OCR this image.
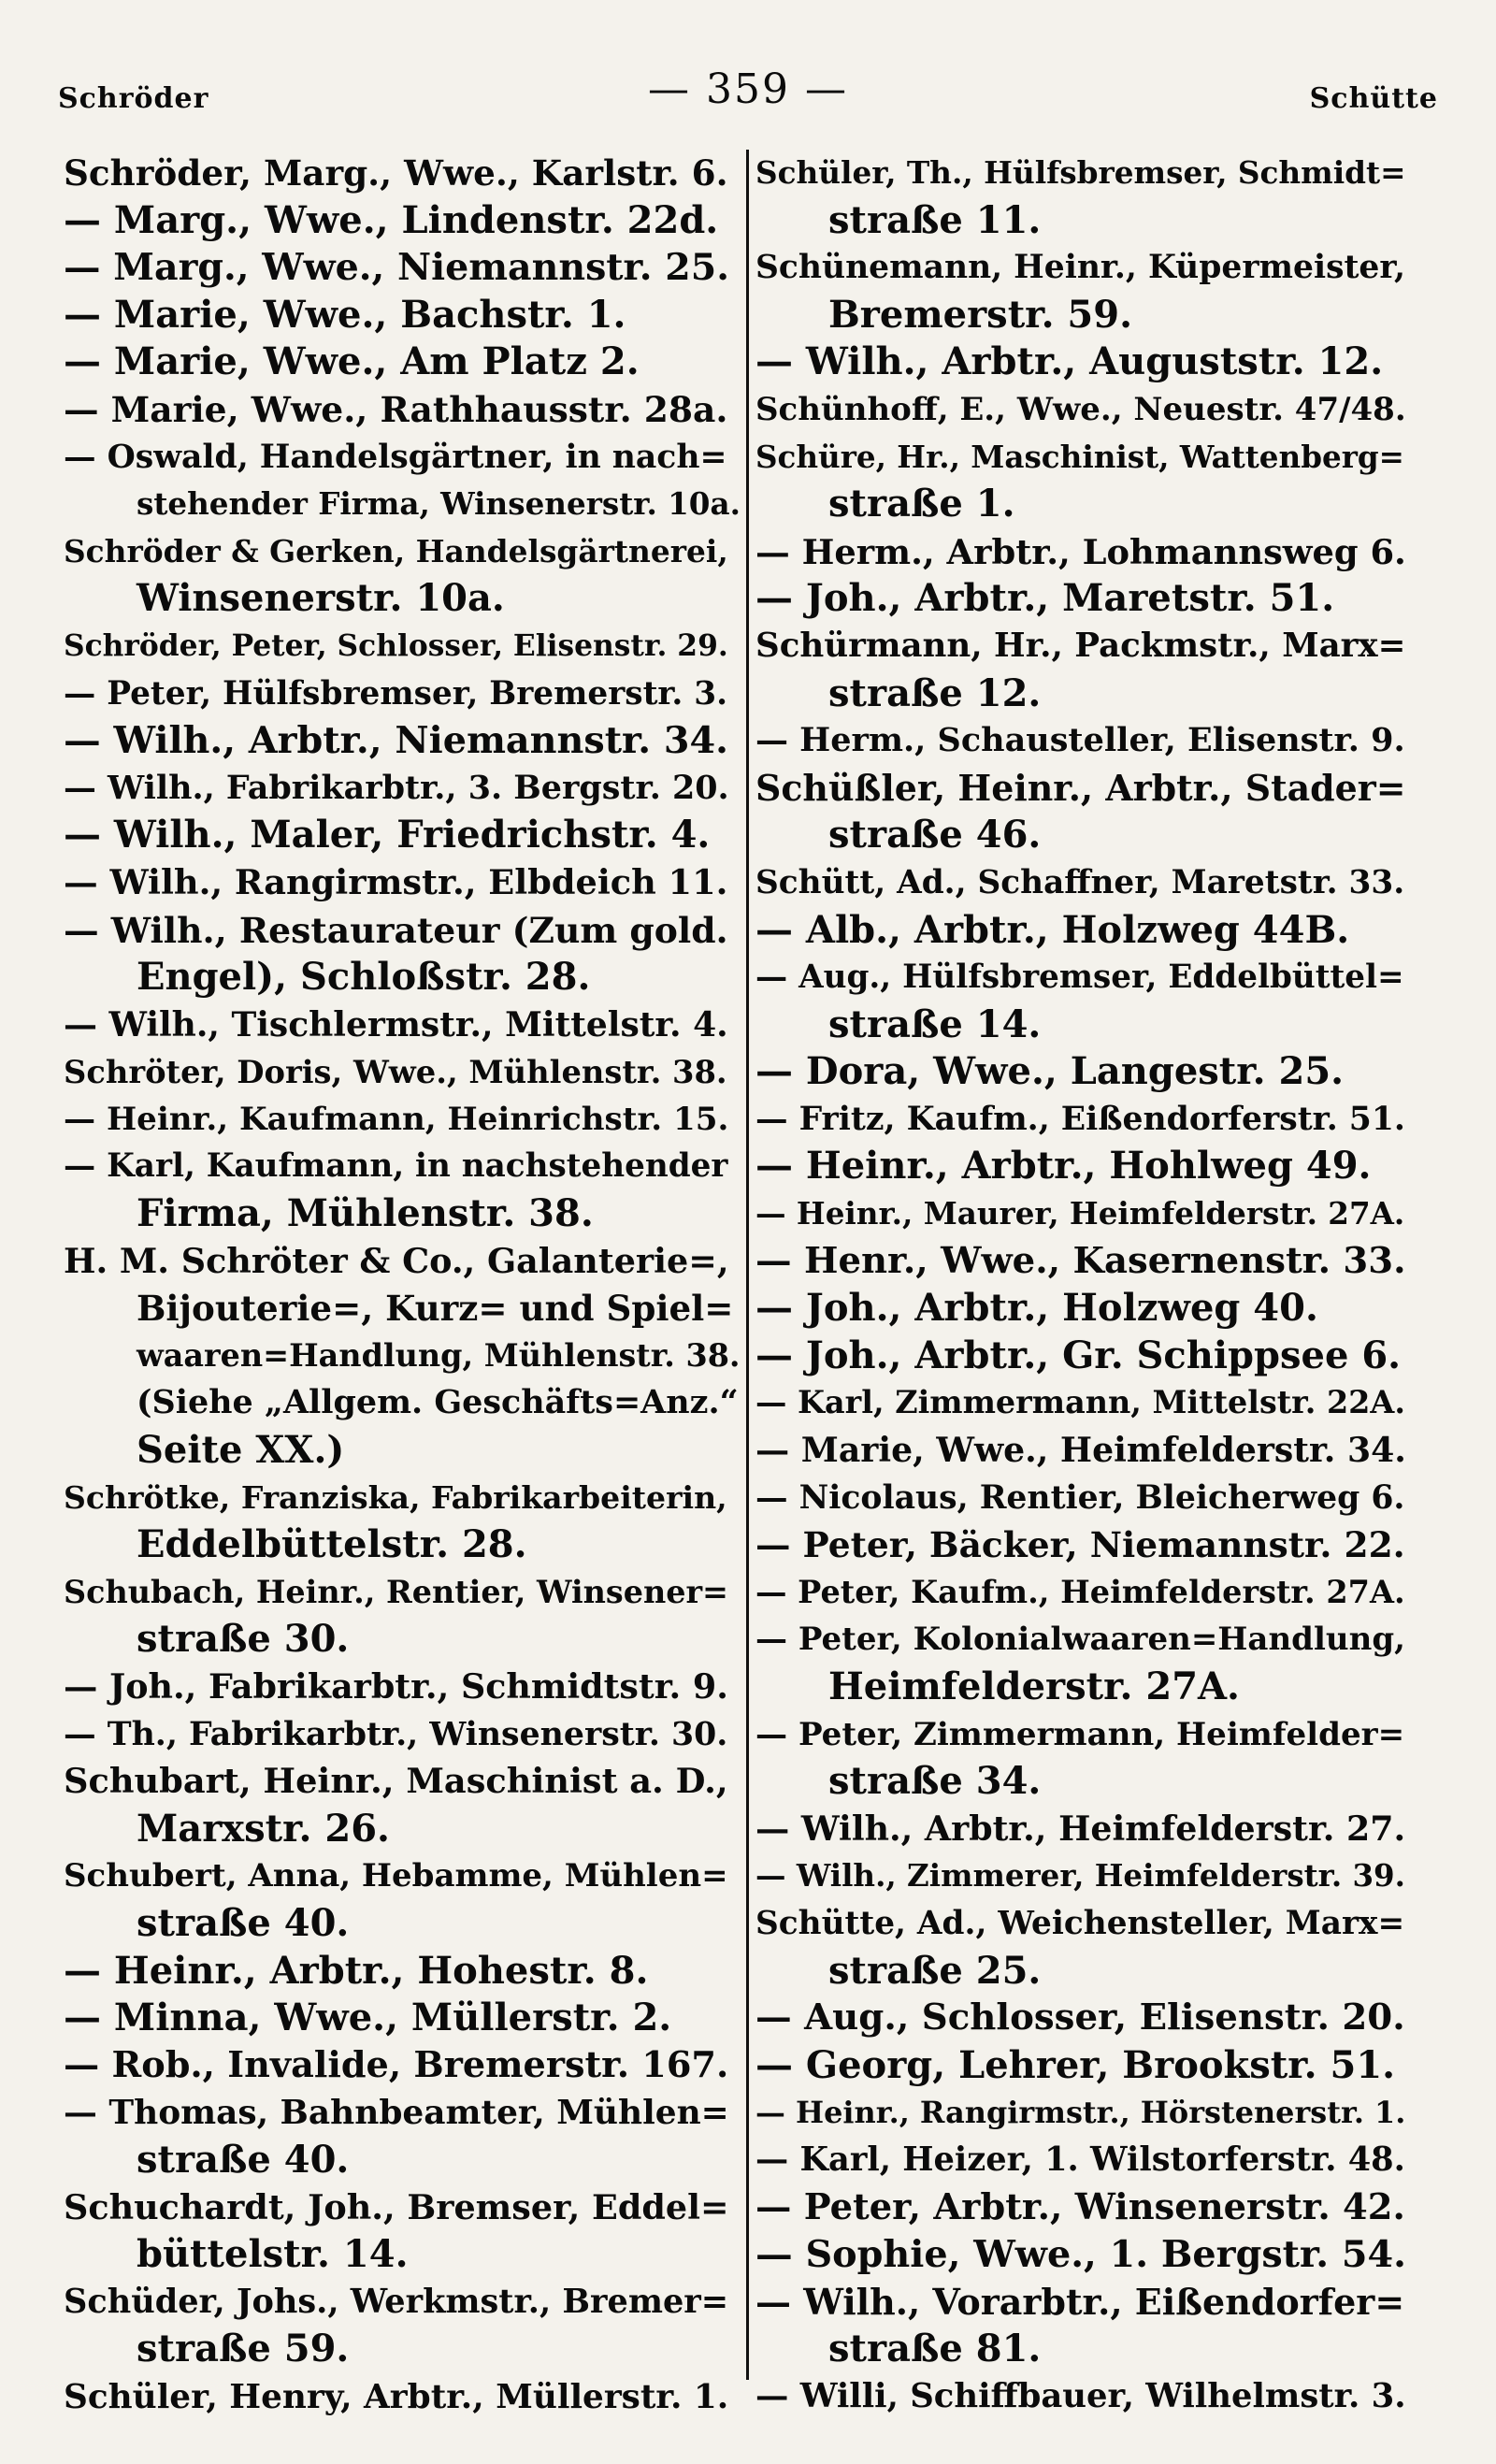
Schröder	— 359 —	Schütte
Schröder, Marg., Wwe., Karlstr. 6.
— Marg., Wwe., Lindenstr. 22d.
— Marg., Wwe., Niemannstr. 25.
— Marie, Wwe., Bachstr. 1.
— Marie, Wwe., Am Platz 2.
— Marie, Wwe., Rathhausstr. 28a.
— Oswald, Handelsgärtner, in nach=
stehender Firma, Winsenerstr. 10a.
Schröder & Gerken, Handelsgärtnerei,
Winsenerstr. 10a.
Schröder, Peter, Schlosser, Elisenstr. 29.
— Peter, Hülfsbremser, Bremerstr. 3.
— Wilh., Arbtr., Niemannstr. 34.
— Wilh., Fabrikarbtr., 3. Bergstr. 20.
— Wilh., Maler, Friedrichstr. 4.
— Wilh., Rangirmstr., Elbdeich 11.
— Wilh., Restaurateur (Zum gold.
Engel), Schloßstr. 28.
— Wilh., Tischlermstr., Mittelstr. 4.
Schröter, Doris, Wwe., Mühlenstr. 38.
— Heinr., Kaufmann, Heinrichstr. 15.
— Karl, Kaufmann, in nachstehender
Firma, Mühlenstr. 38.
H. M. Schröter & Co., Galanterie=,
Bijouterie=, Kurz= und Spiel=
waaren=Handlung, Mühlenstr. 38.
(Siehe „Allgem. Geschäfts=Anz.“
Seite XX.)
Schrötke, Franziska, Fabrikarbeiterin,
Eddelbüttelstr. 28.
Schubach, Heinr., Rentier, Winsener=
straße 30.
— Joh., Fabrikarbtr., Schmidtstr. 9.
— Th., Fabrikarbtr., Winsenerstr. 30.
Schubart, Heinr., Maschinist a. D.,
Marxstr. 26.
Schubert, Anna, Hebamme, Mühlen=
straße 40.
— Heinr., Arbtr., Hohestr. 8.
— Minna, Wwe., Müllerstr. 2.
— Rob., Invalide, Bremerstr. 167.
— Thomas, Bahnbeamter, Mühlen=
straße 40.
Schuchardt, Joh., Bremser, Eddel=
büttelstr. 14.
Schüder, Johs., Werkmstr., Bremer=
straße 59.
Schüler, Henry, Arbtr., Müllerstr. 1.
Schüler, Th., Hülfsbremser, Schmidt=
straße 11.
Schünemann, Heinr., Küpermeister,
Bremerstr. 59.
— Wilh., Arbtr., Auguststr. 12.
Schünhoff, E., Wwe., Neuestr. 47/48.
Schüre, Hr., Maschinist, Wattenberg=
straße 1.
— Herm., Arbtr., Lohmannsweg 6.
— Joh., Arbtr., Maretstr. 51.
Schürmann, Hr., Packmstr., Marx=
straße 12.
— Herm., Schausteller, Elisenstr. 9.
Schüßler, Heinr., Arbtr., Stader=
straße 46.
Schütt, Ad., Schaffner, Maretstr. 33.
— Alb., Arbtr., Holzweg 44B.
— Aug., Hülfsbremser, Eddelbüttel=
straße 14.
— Dora, Wwe., Langestr. 25.
— Fritz, Kaufm., Eißendorferstr. 51.
— Heinr., Arbtr., Hohlweg 49.
— Heinr., Maurer, Heimfelderstr. 27A.
— Henr., Wwe., Kasernenstr. 33.
— Joh., Arbtr., Holzweg 40.
— Joh., Arbtr., Gr. Schippsee 6.
— Karl, Zimmermann, Mittelstr. 22A.
— Marie, Wwe., Heimfelderstr. 34.
— Nicolaus, Rentier, Bleicherweg 6.
— Peter, Bäcker, Niemannstr. 22.
— Peter, Kaufm., Heimfelderstr. 27A.
— Peter, Kolonialwaaren=Handlung,
Heimfelderstr. 27A.
— Peter, Zimmermann, Heimfelder=
straße 34.
— Wilh., Arbtr., Heimfelderstr. 27.
— Wilh., Zimmerer, Heimfelderstr. 39.
Schütte, Ad., Weichensteller, Marx=
straße 25.
— Aug., Schlosser, Elisenstr. 20.
— Georg, Lehrer, Brookstr. 51.
— Heinr., Rangirmstr., Hörstenerstr. 1.
— Karl, Heizer, 1. Wilstorferstr. 48.
— Peter, Arbtr., Winsenerstr. 42.
— Sophie, Wwe., 1. Bergstr. 54.
— Wilh., Vorarbtr., Eißendorfer=
straße 81.
— Willi, Schiffbauer, Wilhelmstr. 3.
